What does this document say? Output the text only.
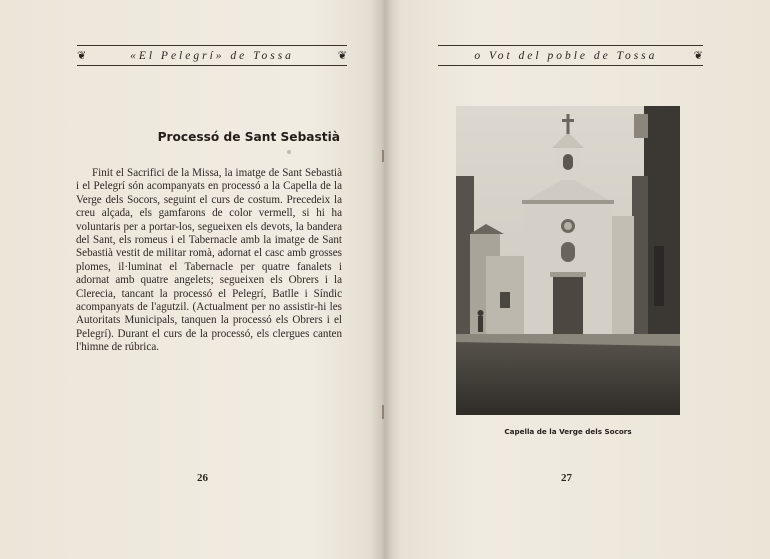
❦	«El Pelegrí» de Tossa	❦
Processó de Sant Sebastià

Finit el Sacrifici de la Missa, la imatge de Sant Sebastià i el Pelegrí són acompanyats en processó a la Capella de la Verge dels Socors, seguint el curs de costum. Precedeix la creu alçada, els gamfarons de color vermell, si hi ha voluntaris per a portar-los, segueixen els devots, la bandera del Sant, els romeus i el Tabernacle amb la imatge de Sant Sebastià vestit de militar romà, adornat el casc amb grosses plomes, il·luminat el Tabernacle per quatre fanalets i adornat amb quatre angelets; segueixen els Obrers i la Clerecia, tancant la processó el Pelegrí, Batlle i Síndic acompanyats de l'agutzil. (Actualment per no assistir-hi les Autoritats Municipals, tanquen la processó els Obrers i el Pelegrí). Durant el curs de la processó, els clergues canten l'himne de rúbrica.

26
o Vot del poble de Tossa	❦
Capella de la Verge dels Socors
27
